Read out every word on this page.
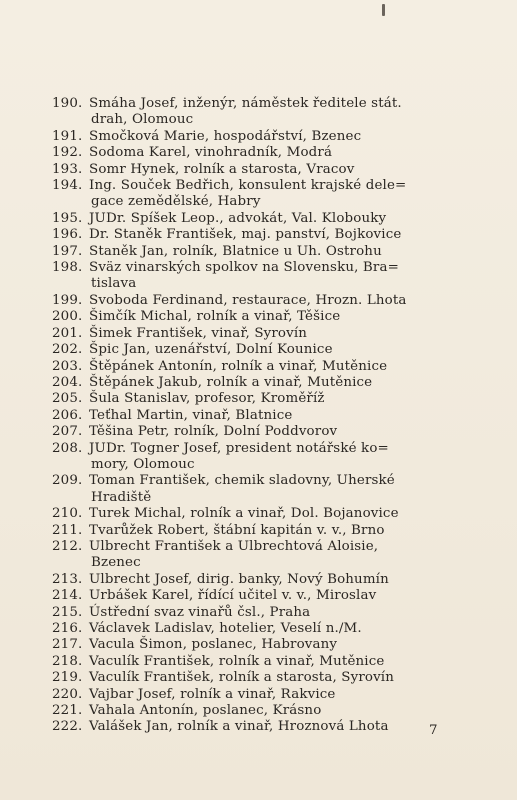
190. Smáha Josef, inženýr, náměstek ředitele stát.
drah, Olomouc
191. Smočková Marie, hospodářství, Bzenec
192. Sodoma Karel, vinohradník, Modrá
193. Somr Hynek, rolník a starosta, Vracov
194. Ing. Souček Bedřich, konsulent krajské dele=
gace zemědělské, Habry
195. JUDr. Spíšek Leop., advokát, Val. Klobouky
196. Dr. Staněk František, maj. panství, Bojkovice
197. Staněk Jan, rolník, Blatnice u Uh. Ostrohu
198. Sväz vinarských spolkov na Slovensku, Bra=
tislava
199. Svoboda Ferdinand, restaurace, Hrozn. Lhota
200. Šimčík Michal, rolník a vinař, Těšice
201. Šimek František, vinař, Syrovín
202. Špic Jan, uzenářství, Dolní Kounice
203. Štěpánek Antonín, rolník a vinař, Mutěnice
204. Štěpánek Jakub, rolník a vinař, Mutěnice
205. Šula Stanislav, profesor, Kroměříž
206. Teťhal Martin, vinař, Blatnice
207. Těšina Petr, rolník, Dolní Poddvorov
208. JUDr. Togner Josef, president notářské ko=
mory, Olomouc
209. Toman František, chemik sladovny, Uherské
Hradiště
210. Turek Michal, rolník a vinař, Dol. Bojanovice
211. Tvarůžek Robert, štábní kapitán v. v., Brno
212. Ulbrecht František a Ulbrechtová Aloisie,
Bzenec
213. Ulbrecht Josef, dirig. banky, Nový Bohumín
214. Urbášek Karel, řídící učitel v. v., Miroslav
215. Ústřední svaz vinařů čsl., Praha
216. Václavek Ladislav, hotelier, Veselí n./M.
217. Vacula Šimon, poslanec, Habrovany
218. Vaculík František, rolník a vinař, Mutěnice
219. Vaculík František, rolník a starosta, Syrovín
220. Vajbar Josef, rolník a vinař, Rakvice
221. Vahala Antonín, poslanec, Krásno
222. Valášek Jan, rolník a vinař, Hroznová Lhota	7
